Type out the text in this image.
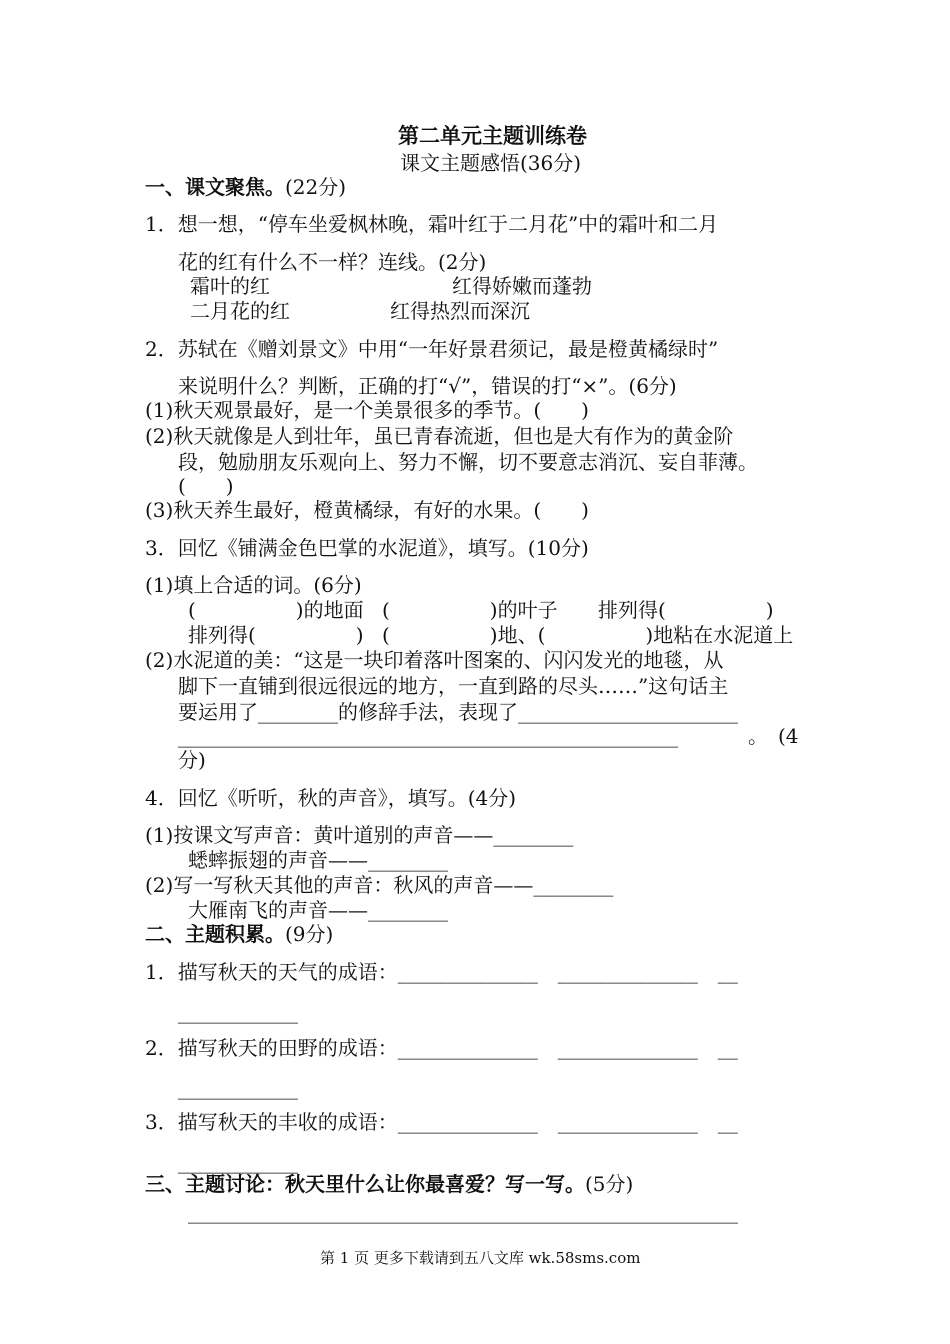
第二单元主题训练卷
课文主题感悟(36分)
一、课文聚焦。(22分)
1．想一想，“停车坐爱枫林晚，霜叶红于二月花”中的霜叶和二月
花的红有什么不一样？连线。(2分)
霜叶的红	红得娇嫩而蓬勃
二月花的红	红得热烈而深沉
2．苏轼在《赠刘景文》中用“一年好景君须记，最是橙黄橘绿时”
来说明什么？判断，正确的打“√”，错误的打“×”。(6分)
(1)秋天观景最好，是一个美景很多的季节。(　　)
(2)秋天就像是人到壮年，虽已青春流逝，但也是大有作为的黄金阶
段，勉励朋友乐观向上、努力不懈，切不要意志消沉、妄自菲薄。
(　　)
(3)秋天养生最好，橙黄橘绿，有好的水果。(　　)
3．回忆《铺满金色巴掌的水泥道》，填写。(10分)
(1)填上合适的词。(6分)
(　　　　　)的地面 (　　　　　)的叶子 排列得(　　　　　)
排列得(　　　　　) (　　　　　)地、(　　　　　)地粘在水泥道上
(2)水泥道的美：“这是一块印着落叶图案的、闪闪发光的地毯，从
脚下一直铺到很远很远的地方，一直到路的尽头……”这句话主
要运用了________的修辞手法，表现了______________________
__________________________________________________	。　(4
分)
4．回忆《听听，秋的声音》，填写。(4分)
(1)按课文写声音：黄叶道别的声音——________
蟋蟀振翅的声音——________
(2)写一写秋天其他的声音：秋风的声音——________
大雁南飞的声音——________
二、主题积累。(9分)
1．描写秋天的天气的成语：______________　______________　__
____________
2．描写秋天的田野的成语：______________　______________　__
____________
3．描写秋天的丰收的成语：______________　______________　__
____________
三、主题讨论：秋天里什么让你最喜爱？写一写。(5分)
_______________________________________________________
第 1 页 更多下载请到五八文库 wk.58sms.com
